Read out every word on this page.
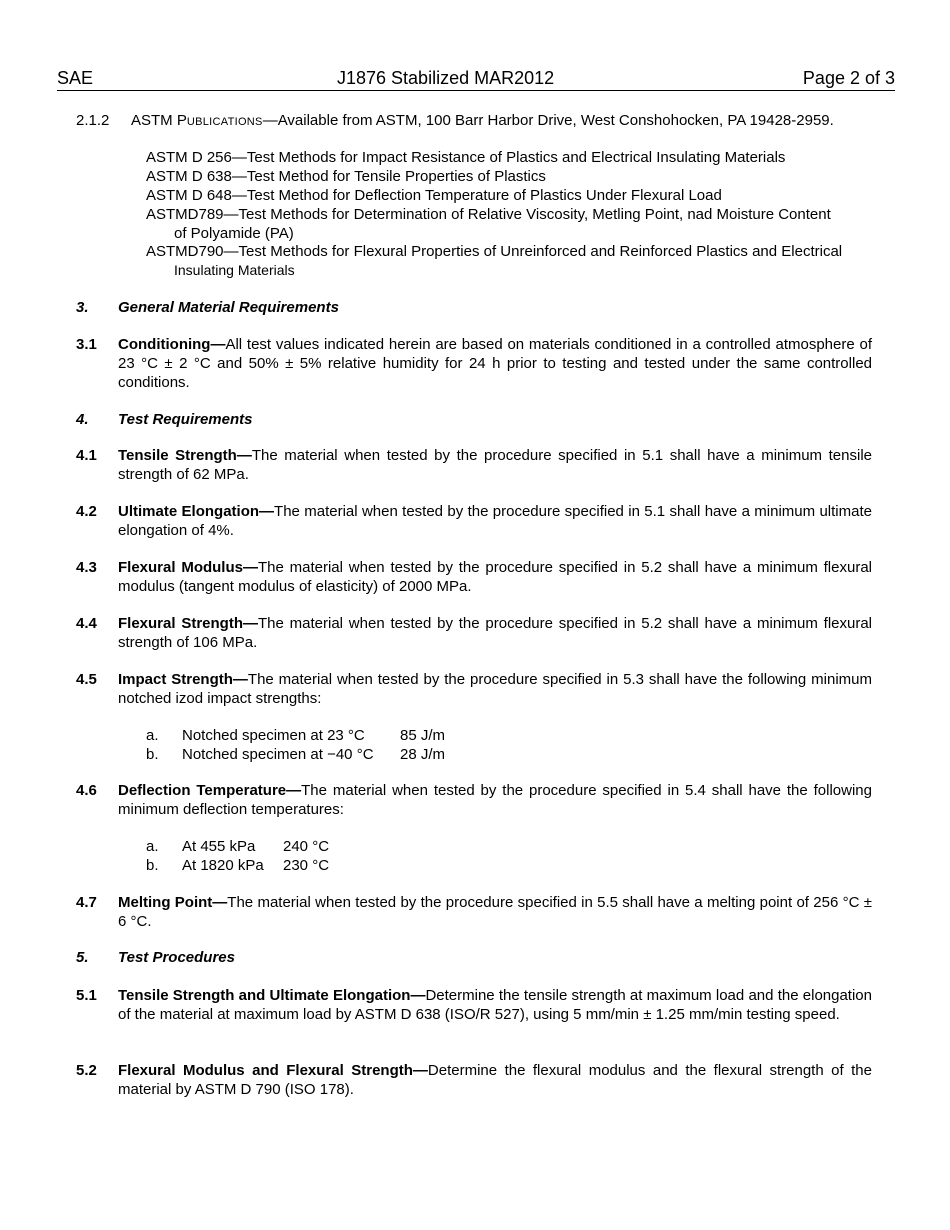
SAE	J1876 Stabilized MAR2012	Page 2 of 3
2.1.2 ASTM PUBLICATIONS—Available from ASTM, 100 Barr Harbor Drive, West Conshohocken, PA 19428-2959.
ASTM D 256—Test Methods for Impact Resistance of Plastics and Electrical Insulating Materials
ASTM D 638—Test Method for Tensile Properties of Plastics
ASTM D 648—Test Method for Deflection Temperature of Plastics Under Flexural Load
ASTMD789—Test Methods for Determination of Relative Viscosity, Metling Point, nad Moisture Content
of Polyamide (PA)
ASTMD790—Test Methods for Flexural Properties of Unreinforced and Reinforced Plastics and Electrical
Insulating Materials
3. General Material Requirements
3.1 Conditioning—All test values indicated herein are based on materials conditioned in a controlled atmosphere of 23 °C ± 2 °C and 50% ± 5% relative humidity for 24 h prior to testing and tested under the same controlled conditions.
4. Test Requirements
4.1 Tensile Strength—The material when tested by the procedure specified in 5.1 shall have a minimum tensile strength of 62 MPa.
4.2 Ultimate Elongation—The material when tested by the procedure specified in 5.1 shall have a minimum ultimate elongation of 4%.
4.3 Flexural Modulus—The material when tested by the procedure specified in 5.2 shall have a minimum flexural modulus (tangent modulus of elasticity) of 2000 MPa.
4.4 Flexural Strength—The material when tested by the procedure specified in 5.2 shall have a minimum flexural strength of 106 MPa.
4.5 Impact Strength—The material when tested by the procedure specified in 5.3 shall have the following minimum notched izod impact strengths:
a. Notched specimen at 23 °C 85 J/m
b. Notched specimen at −40 °C 28 J/m
4.6 Deflection Temperature—The material when tested by the procedure specified in 5.4 shall have the following minimum deflection temperatures:
a. At 455 kPa 240 °C
b. At 1820 kPa 230 °C
4.7 Melting Point—The material when tested by the procedure specified in 5.5 shall have a melting point of 256 °C ± 6 °C.
5. Test Procedures
5.1 Tensile Strength and Ultimate Elongation—Determine the tensile strength at maximum load and the elongation of the material at maximum load by ASTM D 638 (ISO/R 527), using 5 mm/min ± 1.25 mm/min testing speed.
5.2 Flexural Modulus and Flexural Strength—Determine the flexural modulus and the flexural strength of the material by ASTM D 790 (ISO 178).
